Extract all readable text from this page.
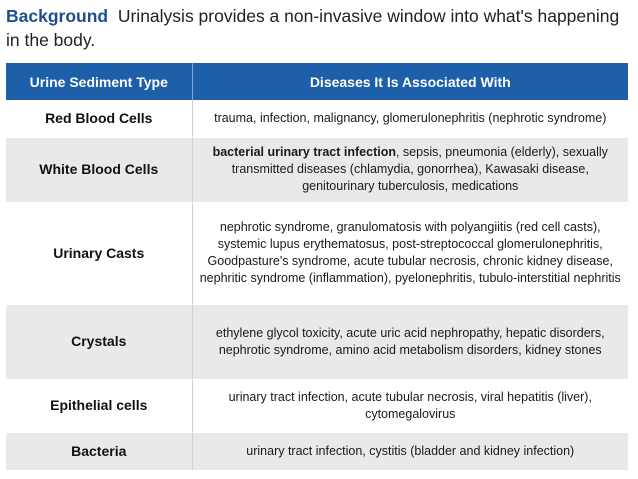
Background Urinalysis provides a non-invasive window into what's happening in the body.
Urine Sediment Type	Diseases It Is Associated With
Red Blood Cells	trauma, infection, malignancy, glomerulonephritis (nephrotic syndrome)
White Blood Cells	bacterial urinary tract infection, sepsis, pneumonia (elderly), sexually transmitted diseases (chlamydia, gonorrhea), Kawasaki disease, genitourinary tuberculosis, medications
Urinary Casts	nephrotic syndrome, granulomatosis with polyangiitis (red cell casts), systemic lupus erythematosus, post-streptococcal glomerulonephritis, Goodpasture's syndrome, acute tubular necrosis, chronic kidney disease, nephritic syndrome (inflammation), pyelonephritis, tubulo-interstitial nephritis
Crystals	ethylene glycol toxicity, acute uric acid nephropathy, hepatic disorders, nephrotic syndrome, amino acid metabolism disorders, kidney stones
Epithelial cells	urinary tract infection, acute tubular necrosis, viral hepatitis (liver), cytomegalovirus
Bacteria	urinary tract infection, cystitis (bladder and kidney infection)
